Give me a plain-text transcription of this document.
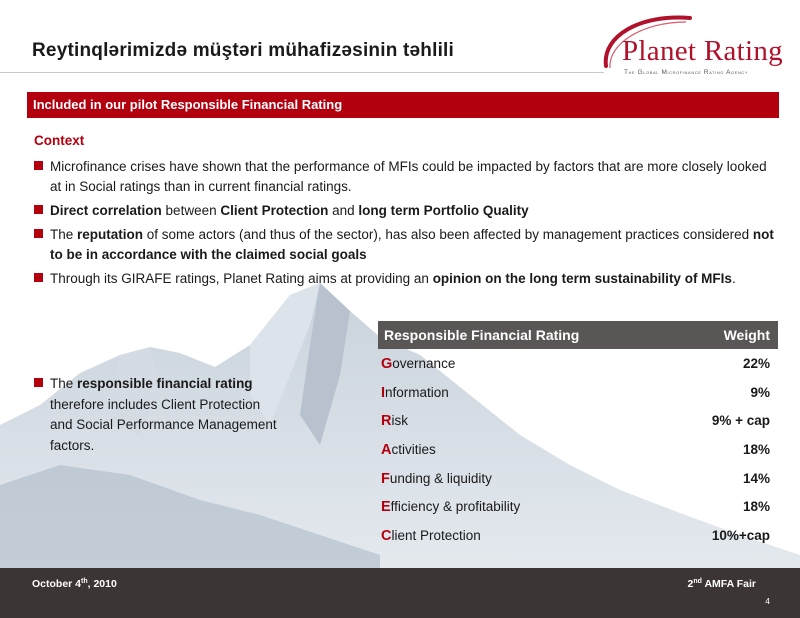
Reytinqlǝrimizdǝ müştǝri mühafizǝsinin tǝhlili	Planet Rating
The Global Microfinance Rating Agency
Included in our pilot Responsible Financial Rating
Context
Microfinance crises have shown that the performance of MFIs could be impacted by factors that are more closely looked at in Social ratings than in current financial ratings.
Direct correlation between Client Protection and long term Portfolio Quality
The reputation of some actors (and thus of the sector), has also been affected by management practices considered not to be in accordance with the claimed social goals
Through its GIRAFE ratings, Planet Rating aims at providing an opinion on the long term sustainability of MFIs.

The responsible financial rating therefore includes Client Protection and Social Performance Management factors.

Responsible Financial Rating	Weight
Governance	22%
Information	9%
Risk	9% + cap
Activities	18%
Funding & liquidity	14%
Efficiency & profitability	18%
Client Protection	10%+cap
October 4th, 2010	2nd AMFA Fair
4
